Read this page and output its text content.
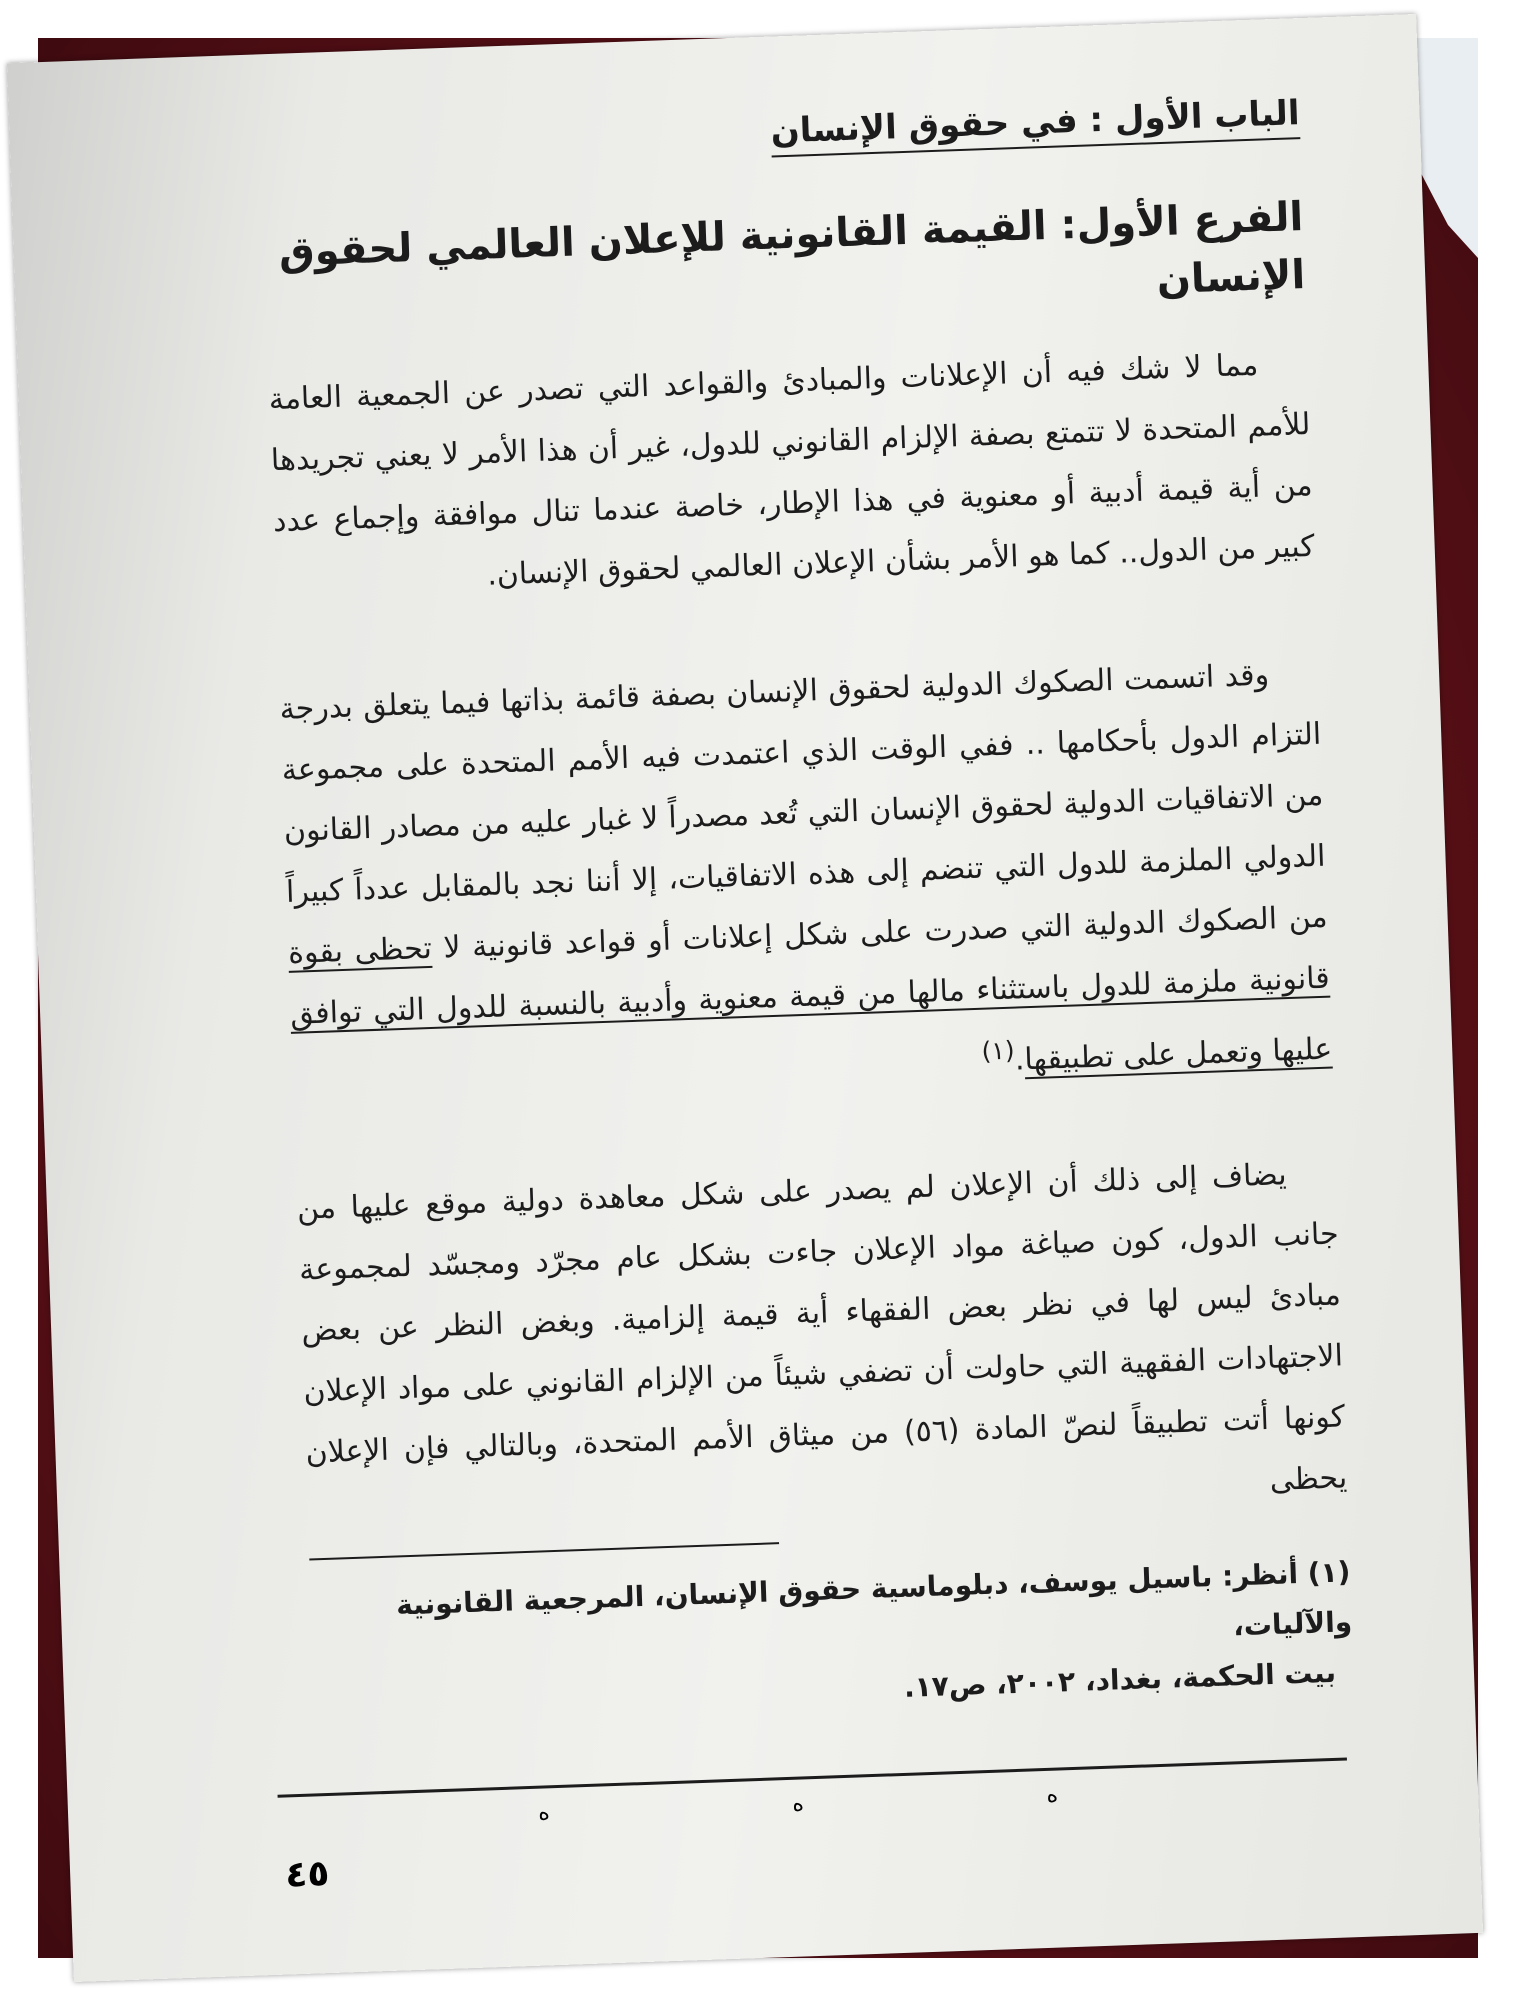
الباب الأول : في حقوق الإنسان
الفرع الأول: القيمة القانونية للإعلان العالمي لحقوق الإنسان

مما لا شك فيه أن الإعلانات والمبادئ والقواعد التي تصدر عن الجمعية العامة للأمم المتحدة لا تتمتع بصفة الإلزام القانوني للدول، غير أن هذا الأمر لا يعني تجريدها من أية قيمة أدبية أو معنوية في هذا الإطار، خاصة عندما تنال موافقة وإجماع عدد كبير من الدول.. كما هو الأمر بشأن الإعلان العالمي لحقوق الإنسان.

وقد اتسمت الصكوك الدولية لحقوق الإنسان بصفة قائمة بذاتها فيما يتعلق بدرجة التزام الدول بأحكامها .. ففي الوقت الذي اعتمدت فيه الأمم المتحدة على مجموعة من الاتفاقيات الدولية لحقوق الإنسان التي تُعد مصدراً لا غبار عليه من مصادر القانون الدولي الملزمة للدول التي تنضم إلى هذه الاتفاقيات، إلا أننا نجد بالمقابل عدداً كبيراً من الصكوك الدولية التي صدرت على شكل إعلانات أو قواعد قانونية لا تحظى بقوة قانونية ملزمة للدول باستثناء مالها من قيمة معنوية وأدبية بالنسبة للدول التي توافق عليها وتعمل على تطبيقها.$^{(١)}$

يضاف إلى ذلك أن الإعلان لم يصدر على شكل معاهدة دولية موقع عليها من جانب الدول، كون صياغة مواد الإعلان جاءت بشكل عام مجرّد ومجسّد لمجموعة مبادئ ليس لها في نظر بعض الفقهاء أية قيمة إلزامية. وبغض النظر عن بعض الاجتهادات الفقهية التي حاولت أن تضفي شيئاً من الإلزام القانوني على مواد الإعلان كونها أتت تطبيقاً لنصّ المادة (٥٦) من ميثاق الأمم المتحدة، وبالتالي فإن الإعلان يحظى

(١) أنظر: باسيل يوسف، دبلوماسية حقوق الإنسان، المرجعية القانونية والآليات،
بيت الحكمة، بغداد، ٢٠٠٢، ص١٧.
ه	ه	ه
٤٥
